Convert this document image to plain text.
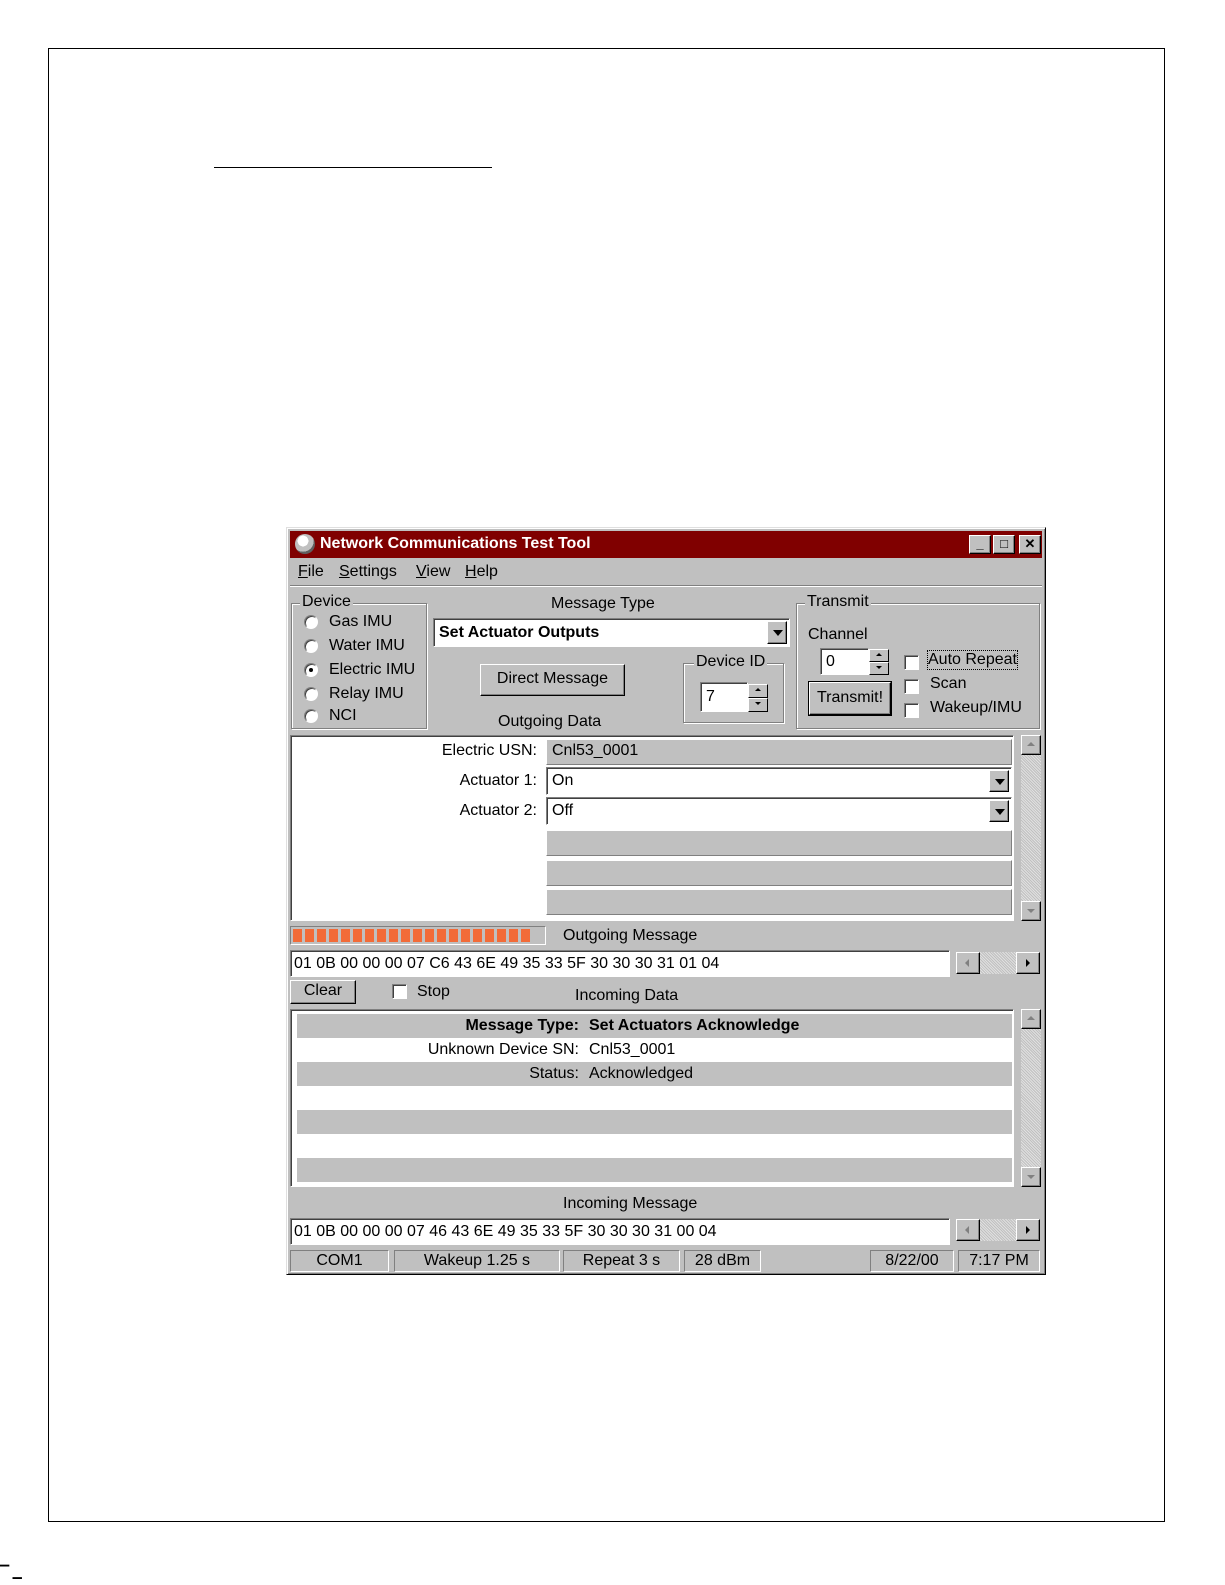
▔ ▁
Network Communications Test Tool	_	□	✕
File Settings View Help
Device
Gas IMU
Water IMU
Electric IMU
Relay IMU
NCI
Message Type
Set Actuator Outputs
Direct Message
Outgoing Data
Device ID
7
Transmit
Channel
0
Transmit!
Auto Repeat
Scan
Wakeup/IMU
Electric USN: Cnl53_0001
Actuator 1: On
Actuator 2: Off
Outgoing Message
01 0B 00 00 00 07 C6 43 6E 49 35 33 5F 30 30 30 31 01 04
Clear	Stop	Incoming Data
Message Type: Set Actuators Acknowledge
Unknown Device SN: Cnl53_0001
Status: Acknowledged
Incoming Message
01 0B 00 00 00 07 46 43 6E 49 35 33 5F 30 30 30 31 00 04
COM1	Wakeup 1.25 s	Repeat 3 s	28 dBm	8/22/00	7:17 PM
